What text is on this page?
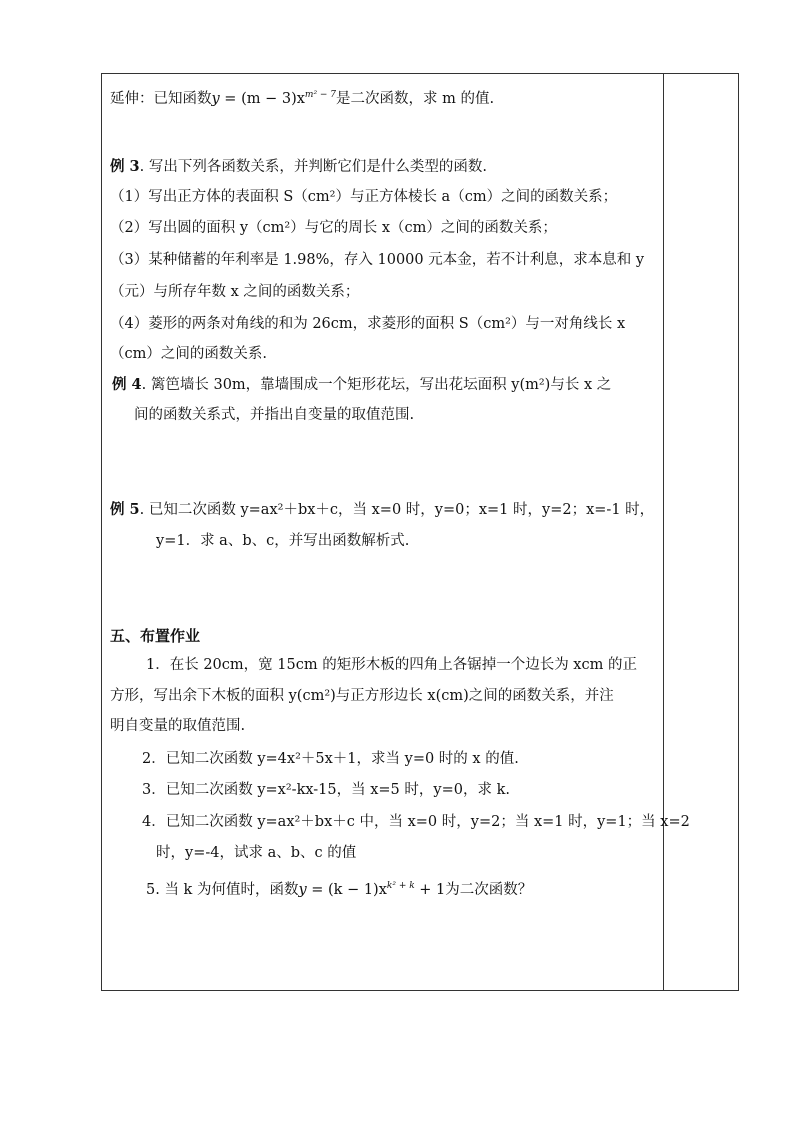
延伸：已知函数$y = (m - 3)x^{m^2 - 7}$是二次函数，求 m 的值.
例 3. 写出下列各函数关系，并判断它们是什么类型的函数.
（1）写出正方体的表面积 S（cm²）与正方体棱长 a（cm）之间的函数关系；
（2）写出圆的面积 y（cm²）与它的周长 x（cm）之间的函数关系；
（3）某种储蓄的年利率是 1.98%，存入 10000 元本金，若不计利息，求本息和 y
（元）与所存年数 x 之间的函数关系；
（4）菱形的两条对角线的和为 26cm，求菱形的面积 S（cm²）与一对角线长 x
（cm）之间的函数关系.
例 4. 篱笆墙长 30m，靠墙围成一个矩形花坛，写出花坛面积 y(m²)与长 x 之
间的函数关系式，并指出自变量的取值范围.
例 5. 已知二次函数 y=ax²＋bx＋c，当 x=0 时，y=0；x=1 时，y=2；x=-1 时，
y=1．求 a、b、c，并写出函数解析式.
五、布置作业
1．在长 20cm，宽 15cm 的矩形木板的四角上各锯掉一个边长为 xcm 的正
方形，写出余下木板的面积 y(cm²)与正方形边长 x(cm)之间的函数关系，并注
明自变量的取值范围.
2．已知二次函数 y=4x²＋5x＋1，求当 y=0 时的 x 的值.
3．已知二次函数 y=x²-kx-15，当 x=5 时，y=0，求 k.
4．已知二次函数 y=ax²＋bx＋c 中，当 x=0 时，y=2；当 x=1 时，y=1；当 x=2
时，y=-4，试求 a、b、c 的值
5. 当 k 为何值时，函数$y = (k - 1)x^{k^2 + k} + 1$为二次函数？
